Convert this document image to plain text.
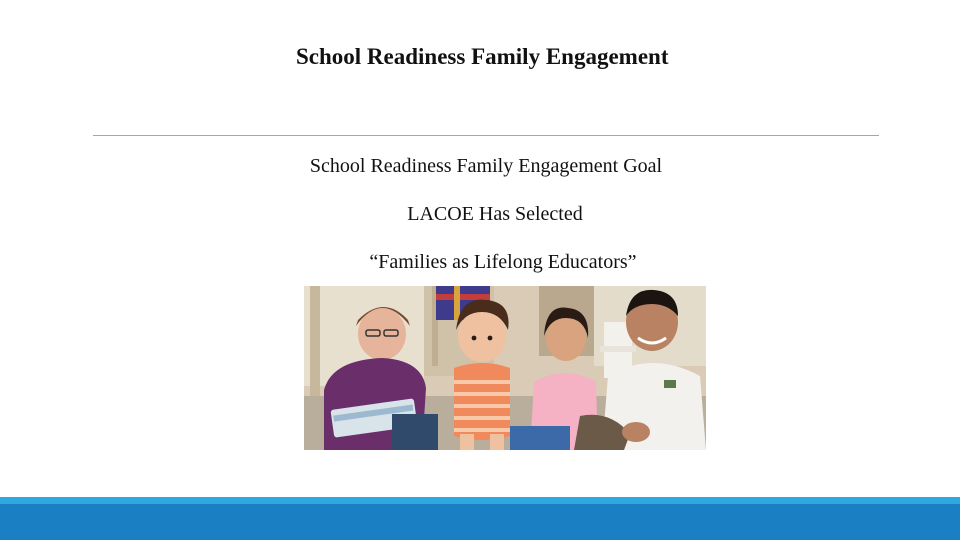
School Readiness Family Engagement
School Readiness Family Engagement Goal
LACOE Has Selected
“Families as Lifelong Educators”
